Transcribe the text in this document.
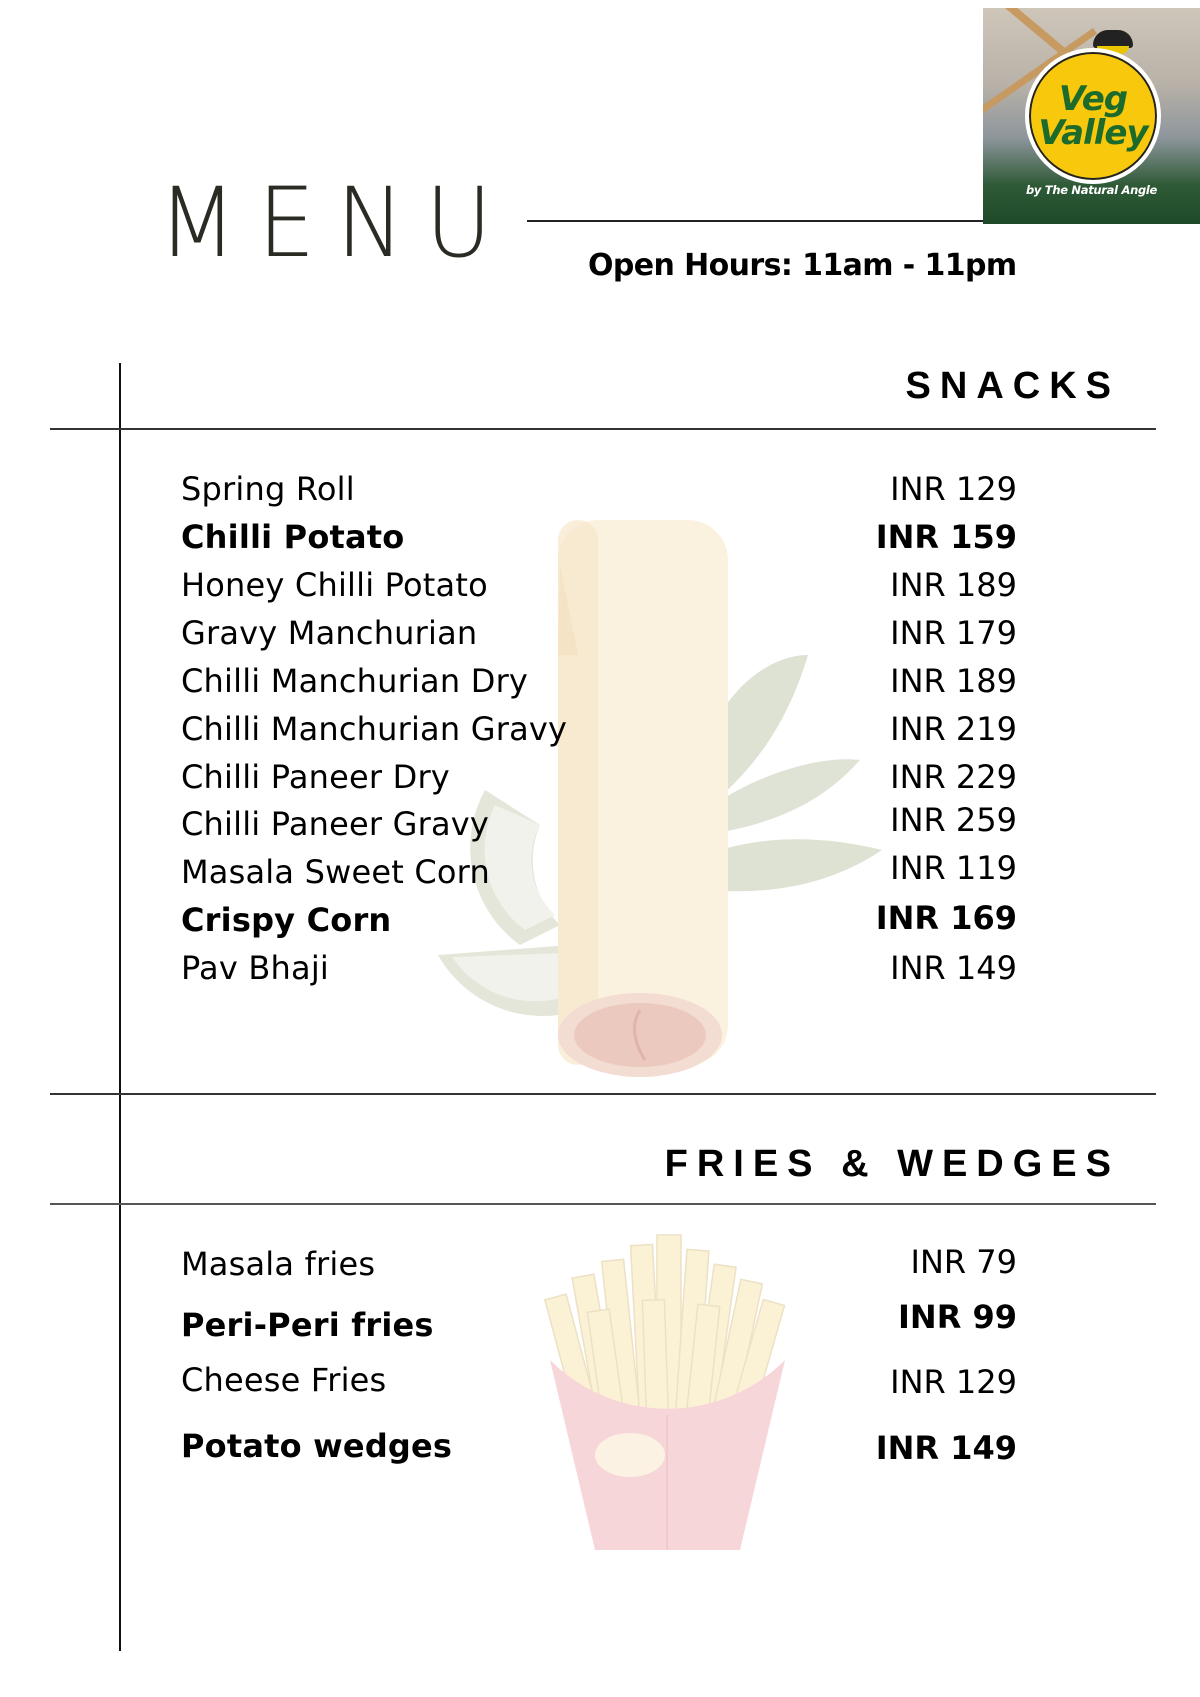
MENU	Open Hours: 11am - 11pm
Veg
Valley
by The Natural Angle
SNACKS
Spring Roll	INR 129
Chilli Potato	INR 159
Honey Chilli Potato	INR 189
Gravy Manchurian	INR 179
Chilli Manchurian Dry	INR 189
Chilli Manchurian Gravy	INR 219
Chilli Paneer Dry	INR 229
Chilli Paneer Gravy	INR 259
Masala Sweet Corn	INR 119
Crispy Corn	INR 169
Pav Bhaji	INR 149
FRIES & WEDGES
Masala fries	INR 79
Peri-Peri fries	INR 99
Cheese Fries	INR 129
Potato wedges	INR 149
